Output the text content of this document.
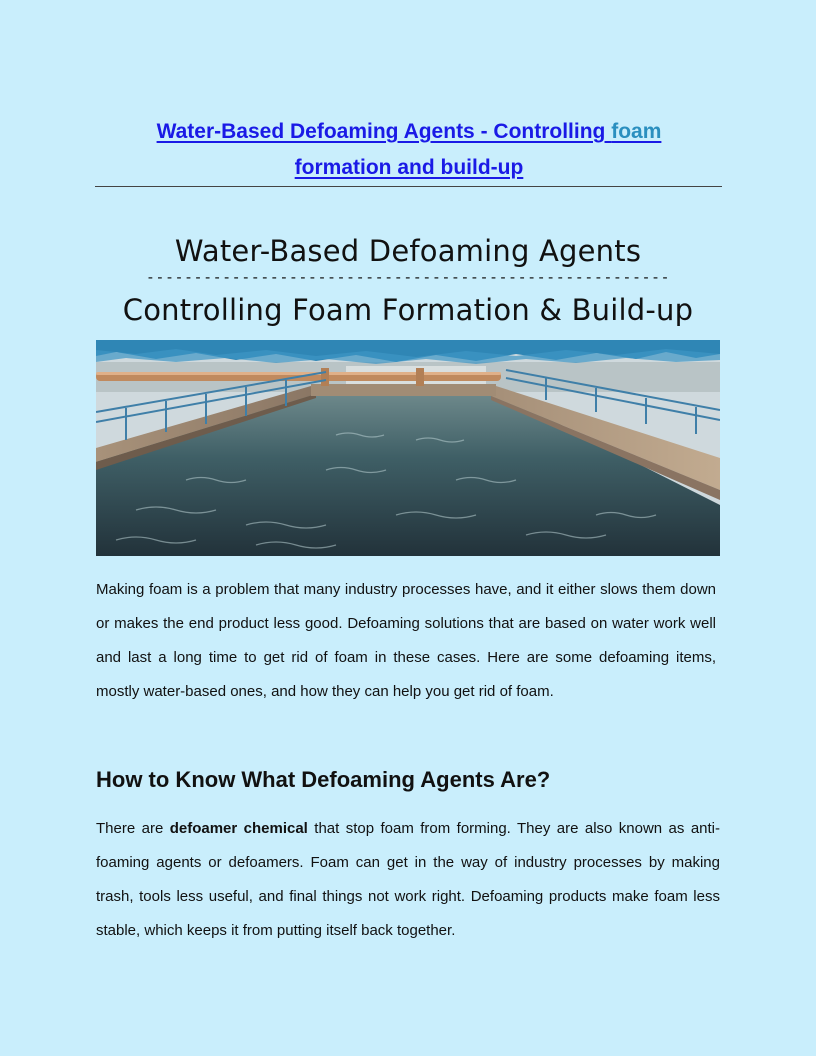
Water-Based Defoaming Agents - Controlling foam
formation and build-up
Water-Based Defoaming Agents
-------------------------------------------------------
Controlling Foam Formation & Build-up
Making foam is a problem that many industry processes have, and it either slows them down or makes the end product less good. Defoaming solutions that are based on water work well and last a long time to get rid of foam in these cases. Here are some defoaming items, mostly water-based ones, and how they can help you get rid of foam.
How to Know What Defoaming Agents Are?
There are defoamer chemical that stop foam from forming. They are also known as anti-foaming agents or defoamers. Foam can get in the way of industry processes by making trash, tools less useful, and final things not work right. Defoaming products make foam less stable, which keeps it from putting itself back together.
